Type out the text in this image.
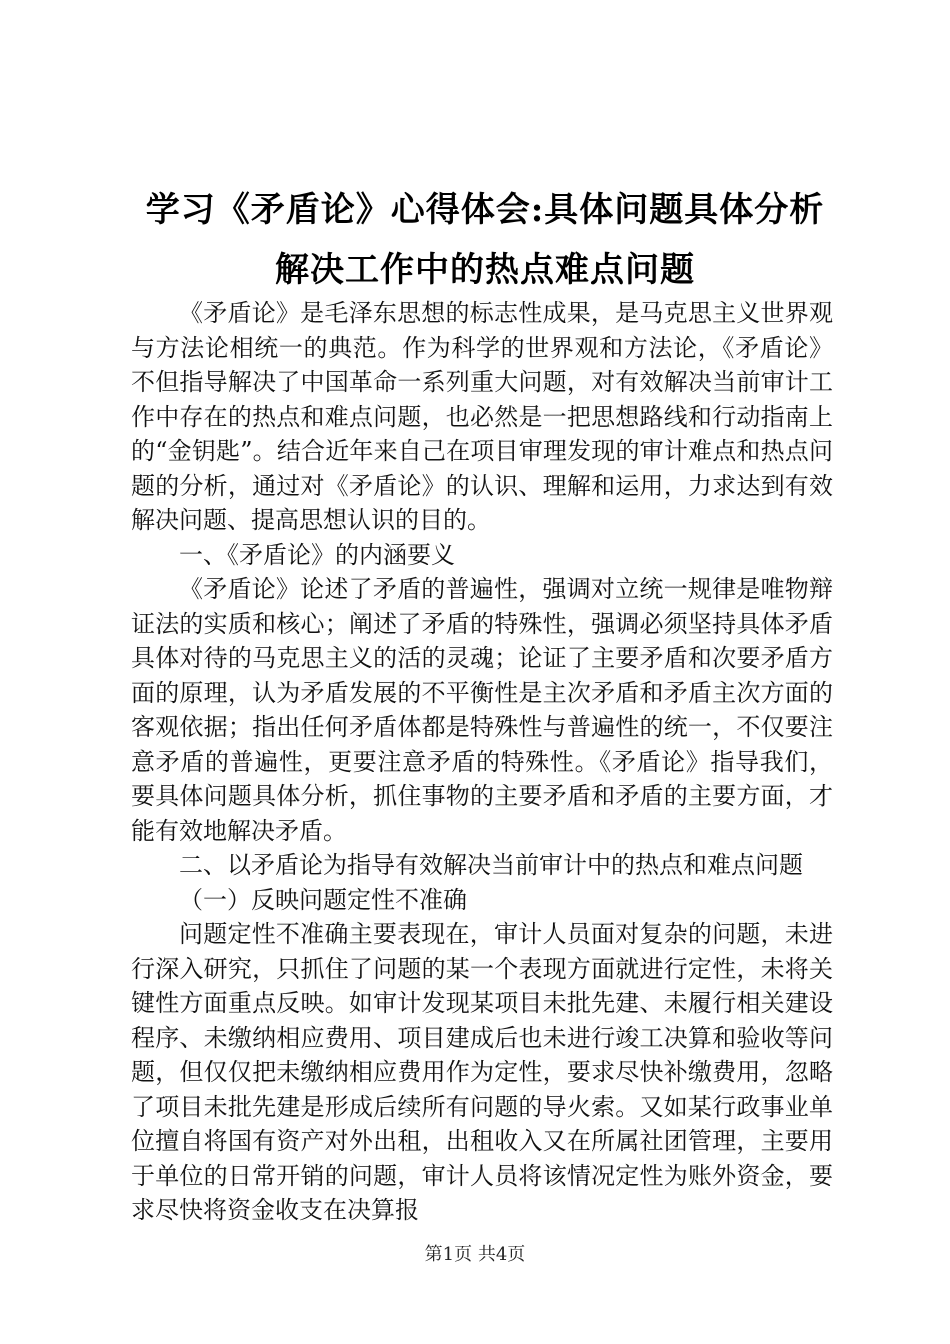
学习《矛盾论》心得体会:具体问题具体分析
解决工作中的热点难点问题

《矛盾论》是毛泽东思想的标志性成果，是马克思主义世界观与方法论相统一的典范。作为科学的世界观和方法论，《矛盾论》不但指导解决了中国革命一系列重大问题，对有效解决当前审计工作中存在的热点和难点问题，也必然是一把思想路线和行动指南上的“金钥匙”。结合近年来自己在项目审理发现的审计难点和热点问题的分析，通过对《矛盾论》的认识、理解和运用，力求达到有效解决问题、提高思想认识的目的。

一、《矛盾论》的内涵要义

《矛盾论》论述了矛盾的普遍性，强调对立统一规律是唯物辩证法的实质和核心；阐述了矛盾的特殊性，强调必须坚持具体矛盾具体对待的马克思主义的活的灵魂；论证了主要矛盾和次要矛盾方面的原理，认为矛盾发展的不平衡性是主次矛盾和矛盾主次方面的客观依据；指出任何矛盾体都是特殊性与普遍性的统一，不仅要注意矛盾的普遍性，更要注意矛盾的特殊性。《矛盾论》指导我们，要具体问题具体分析，抓住事物的主要矛盾和矛盾的主要方面，才能有效地解决矛盾。

二、以矛盾论为指导有效解决当前审计中的热点和难点问题

（一）反映问题定性不准确

问题定性不准确主要表现在，审计人员面对复杂的问题，未进行深入研究，只抓住了问题的某一个表现方面就进行定性，未将关键性方面重点反映。如审计发现某项目未批先建、未履行相关建设程序、未缴纳相应费用、项目建成后也未进行竣工决算和验收等问题，但仅仅把未缴纳相应费用作为定性，要求尽快补缴费用，忽略了项目未批先建是形成后续所有问题的导火索。又如某行政事业单位擅自将国有资产对外出租，出租收入又在所属社团管理，主要用于单位的日常开销的问题，审计人员将该情况定性为账外资金，要求尽快将资金收支在决算报

第1页 共4页
